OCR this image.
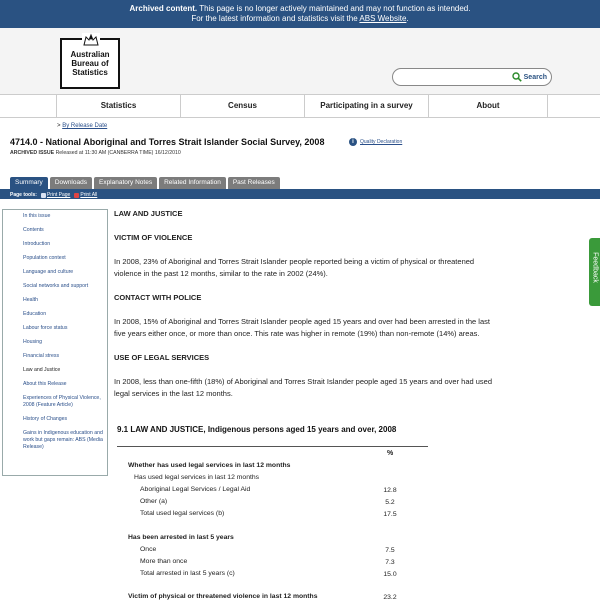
Archived content. This page is no longer actively maintained and may not function as intended.
For the latest information and statistics visit the ABS Website.
Australian
Bureau of
Statistics	Search
Statistics	Census	Participating in a survey	About
> By Release Date
4714.0 - National Aboriginal and Torres Strait Islander Social Survey, 2008	i	Quality Declaration
ARCHIVED ISSUE Released at 11:30 AM (CANBERRA TIME) 16/12/2010
Summary	Downloads	Explanatory Notes	Related Information	Past Releases
Page tools: Print Page Print All
In this issue
Contents
Introduction
Population context
Language and culture
Social networks and support
Health
Education
Labour force status
Housing
Financial stress
Law and Justice
About this Release
Experiences of Physical Violence, 2008 (Feature Article)
History of Changes
Gains in Indigenous education and work but gaps remain: ABS (Media Release)
LAW AND JUSTICE
VICTIM OF VIOLENCE

In 2008, 23% of Aboriginal and Torres Strait Islander people reported being a victim of physical or threatened violence in the past 12 months, similar to the rate in 2002 (24%).

CONTACT WITH POLICE

In 2008, 15% of Aboriginal and Torres Strait Islander people aged 15 years and over had been arrested in the last five years either once, or more than once. This rate was higher in remote (19%) than non-remote (14%) areas.

USE OF LEGAL SERVICES

In 2008, less than one-fifth (18%) of Aboriginal and Torres Strait Islander people aged 15 years and over had used legal services in the last 12 months.

9.1 LAW AND JUSTICE, Indigenous persons aged 15 years and over, 2008
%
Whether has used legal services in last 12 months
Has used legal services in last 12 months
Aboriginal Legal Services / Legal Aid	12.8
Other (a)	5.2
Total used legal services (b)	17.5
Has been arrested in last 5 years
Once	7.5
More than once	7.3
Total arrested in last 5 years (c)	15.0
Victim of physical or threatened violence in last 12 months	23.2
Feedback
